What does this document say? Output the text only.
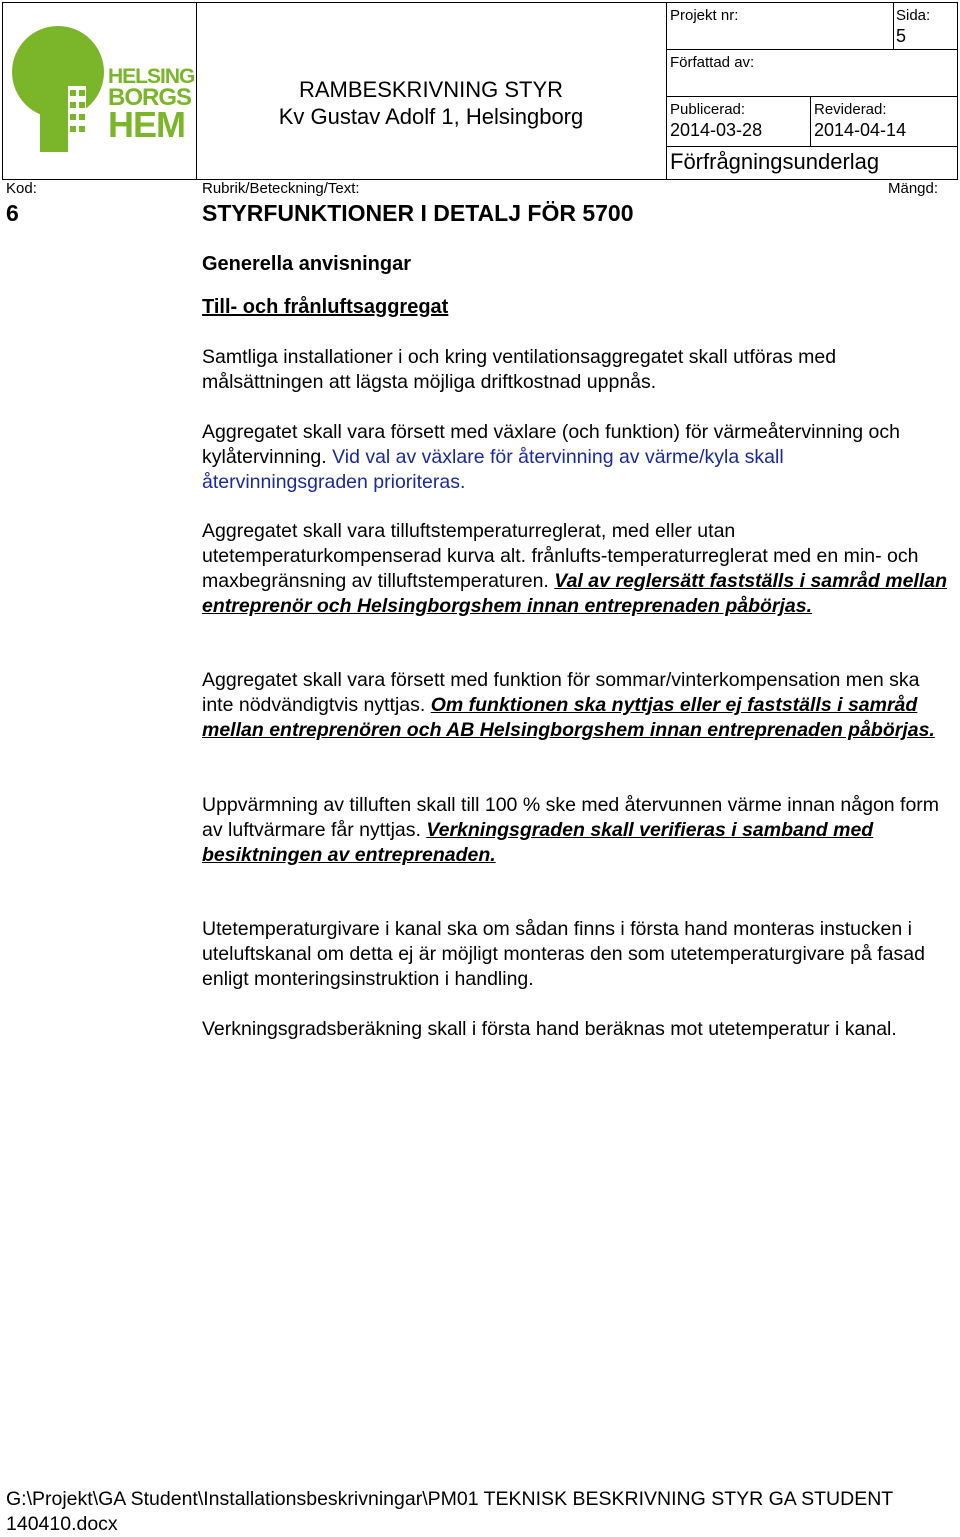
HELSING
BORGS
HEM
RAMBESKRIVNING STYR
Kv Gustav Adolf 1, Helsingborg
Projekt nr:	Sida:
5
Författad av:
Publicerad:
2014-03-28
Reviderad:
2014-04-14
Förfrågningsunderlag
Kod:	Rubrik/Beteckning/Text:	Mängd:
6	STYRFUNKTIONER I DETALJ FÖR 5700
Generella anvisningar
Till- och frånluftsaggregat
Samtliga installationer i och kring ventilationsaggregatet skall utföras med målsättningen att lägsta möjliga driftkostnad uppnås.
Aggregatet skall vara försett med växlare (och funktion) för värmeåtervinning och kylåtervinning. Vid val av växlare för återvinning av värme/kyla skall återvinningsgraden prioriteras.
Aggregatet skall vara tilluftstemperaturreglerat, med eller utan utetemperaturkompenserad kurva alt. frånlufts-temperaturreglerat med en min- och maxbegränsning av tilluftstemperaturen. Val av reglersätt fastställs i samråd mellan entreprenör och Helsingborgshem innan entreprenaden påbörjas.
Aggregatet skall vara försett med funktion för sommar/vinterkompensation men ska inte nödvändigtvis nyttjas. Om funktionen ska nyttjas eller ej fastställs i samråd mellan entreprenören och AB Helsingborgshem innan entreprenaden påbörjas.
Uppvärmning av tilluften skall till 100 % ske med återvunnen värme innan någon form av luftvärmare får nyttjas. Verkningsgraden skall verifieras i samband med besiktningen av entreprenaden.
Utetemperaturgivare i kanal ska om sådan finns i första hand monteras instucken i uteluftskanal om detta ej är möjligt monteras den som utetemperaturgivare på fasad enligt monteringsinstruktion i handling.
Verkningsgradsberäkning skall i första hand beräknas mot utetemperatur i kanal.
G:\Projekt\GA Student\Installationsbeskrivningar\PM01 TEKNISK BESKRIVNING STYR GA STUDENT 140410.docx
